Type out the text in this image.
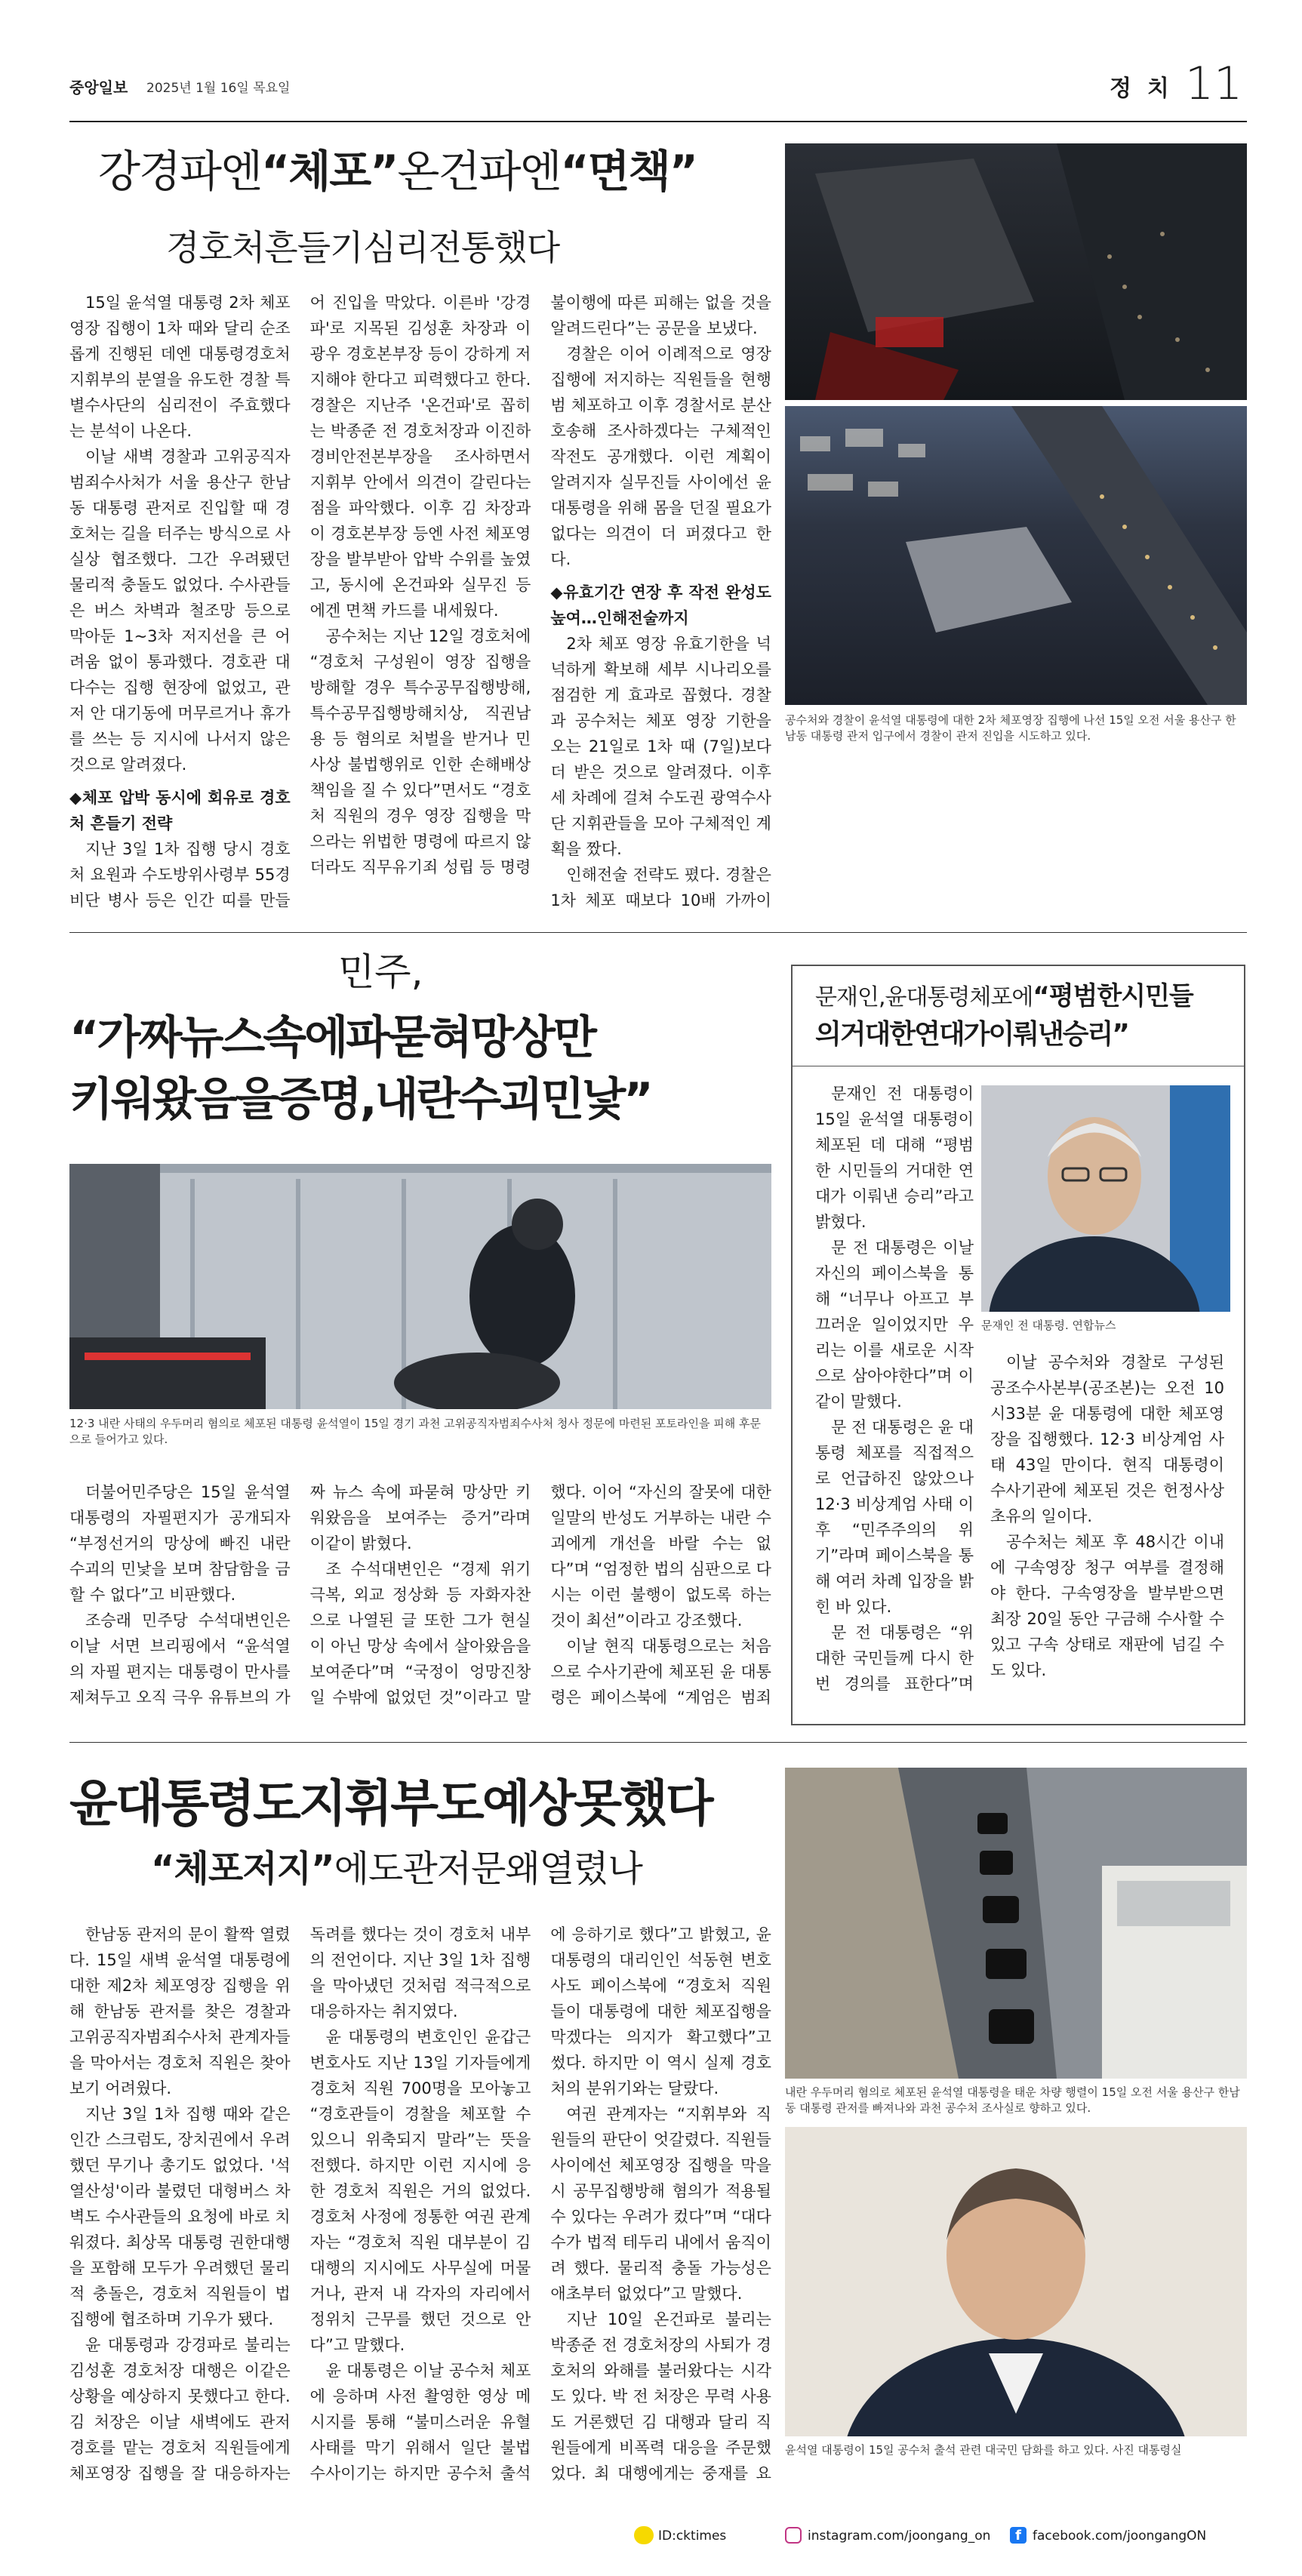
중앙일보 2025년 1월 16일 목요일	정  치 11
강경파엔“체포”온건파엔“면책”
경호처흔들기심리전통했다

15일 윤석열 대통령 2차 체포영장 집행이 1차 때와 달리 순조롭게 진행된 데엔 대통령경호처 지휘부의 분열을 유도한 경찰 특별수사단의 심리전이 주효했다는 분석이 나온다.

이날 새벽 경찰과 고위공직자범죄수사처가 서울 용산구 한남동 대통령 관저로 진입할 때 경호처는 길을 터주는 방식으로 사실상 협조했다. 그간 우려됐던 물리적 충돌도 없었다. 수사관들은 버스 차벽과 철조망 등으로 막아둔 1~3차 저지선을 큰 어려움 없이 통과했다. 경호관 대다수는 집행 현장에 없었고, 관저 안 대기동에 머무르거나 휴가를 쓰는 등 지시에 나서지 않은 것으로 알려졌다.

◆체포 압박 동시에 회유로 경호처 흔들기 전략

지난 3일 1차 집행 당시 경호처 요원과 수도방위사령부 55경비단 병사 등은 인간 띠를 만들어 진입을 막았다. 이른바 '강경파'로 지목된 김성훈 차장과 이광우 경호본부장 등이 강하게 저지해야 한다고 피력했다고 한다. 경찰은 지난주 '온건파'로 꼽히는 박종준 전 경호처장과 이진하 경비안전본부장을 조사하면서 지휘부 안에서 의견이 갈린다는 점을 파악했다. 이후 김 차장과 이 경호본부장 등엔 사전 체포영장을 발부받아 압박 수위를 높였고, 동시에 온건파와 실무진 등에겐 면책 카드를 내세웠다.

공수처는 지난 12일 경호처에 “경호처 구성원이 영장 집행을 방해할 경우 특수공무집행방해, 특수공무집행방해치상, 직권남용 등 혐의로 처벌을 받거나 민사상 불법행위로 인한 손해배상 책임을 질 수 있다”면서도 “경호처 직원의 경우 영장 집행을 막으라는 위법한 명령에 따르지 않더라도 직무유기죄 성립 등 명령 불이행에 따른 피해는 없을 것을 알려드린다”는 공문을 보냈다.

경찰은 이어 이례적으로 영장 집행에 저지하는 직원들을 현행범 체포하고 이후 경찰서로 분산 호송해 조사하겠다는 구체적인 작전도 공개했다. 이런 계획이 알려지자 실무진들 사이에선 윤 대통령을 위해 몸을 던질 필요가 없다는 의견이 더 퍼졌다고 한다.

◆유효기간 연장 후 작전 완성도 높여…인해전술까지

2차 체포 영장 유효기한을 넉넉하게 확보해 세부 시나리오를 점검한 게 효과로 꼽혔다. 경찰과 공수처는 체포 영장 기한을 오는 21일로 1차 때 (7일)보다 더 받은 것으로 알려졌다. 이후 세 차례에 걸쳐 수도권 광역수사단 지휘관들을 모아 구체적인 계획을 짰다.

인해전술 전략도 폈다. 경찰은 1차 체포 때보다 10배 가까이

공수처와 경찰이 윤석열 대통령에 대한 2차 체포영장 집행에 나선 15일 오전 서울 용산구 한남동 대통령 관저 입구에서 경찰이 관저 진입을 시도하고 있다.
민주,
“가짜뉴스속에파묻혀망상만
키워왔음을증명,내란수괴민낯”
12·3 내란 사태의 우두머리 혐의로 체포된 대통령 윤석열이 15일 경기 과천 고위공직자범죄수사처 청사 정문에 마련된 포토라인을 피해 후문으로 들어가고 있다.

더불어민주당은 15일 윤석열 대통령의 자필편지가 공개되자 “부정선거의 망상에 빠진 내란 수괴의 민낯을 보며 참담함을 금할 수 없다”고 비판했다.

조승래 민주당 수석대변인은 이날 서면 브리핑에서 “윤석열의 자필 편지는 대통령이 만사를 제쳐두고 오직 극우 유튜브의 가짜 뉴스 속에 파묻혀 망상만 키워왔음을 보여주는 증거”라며 이같이 밝혔다.

조 수석대변인은 “경제 위기 극복, 외교 정상화 등 자화자찬으로 나열된 글 또한 그가 현실이 아닌 망상 속에서 살아왔음을 보여준다”며 “국정이 엉망진창일 수밖에 없었던 것”이라고 말했다. 이어 “자신의 잘못에 대한 일말의 반성도 거부하는 내란 수괴에게 개선을 바랄 수는 없다”며 “엄정한 법의 심판으로 다시는 이런 불행이 없도록 하는 것이 최선”이라고 강조했다.

이날 현직 대통령으로는 처음으로 수사기관에 체포된 윤 대통령은 페이스북에 “계엄은 범죄

문재인,윤대통령체포에“평범한시민들
의거대한연대가이뤄낸승리”
문재인 전 대통령. 연합뉴스

문재인 전 대통령이 15일 윤석열 대통령이 체포된 데 대해 “평범한 시민들의 거대한 연대가 이뤄낸 승리”라고 밝혔다.

문 전 대통령은 이날 자신의 페이스북을 통해 “너무나 아프고 부끄러운 일이었지만 우리는 이를 새로운 시작으로 삼아야한다”며 이같이 말했다.

문 전 대통령은 윤 대통령 체포를 직접적으로 언급하진 않았으나 12·3 비상계엄 사태 이후 “민주주의의 위기”라며 페이스북을 통해 여러 차례 입장을 밝힌 바 있다.

문 전 대통령은 “위대한 국민들께 다시 한번 경의를 표한다”며

이날 공수처와 경찰로 구성된 공조수사본부(공조본)는 오전 10시33분 윤 대통령에 대한 체포영장을 집행했다. 12·3 비상계엄 사태 43일 만이다. 현직 대통령이 수사기관에 체포된 것은 헌정사상 초유의 일이다.

공수처는 체포 후 48시간 이내에 구속영장 청구 여부를 결정해야 한다. 구속영장을 발부받으면 최장 20일 동안 구금해 수사할 수 있고 구속 상태로 재판에 넘길 수도 있다.

윤대통령도지휘부도예상못했다
“체포저지”에도관저문왜열렸나

한남동 관저의 문이 활짝 열렸다. 15일 새벽 윤석열 대통령에 대한 제2차 체포영장 집행을 위해 한남동 관저를 찾은 경찰과 고위공직자범죄수사처 관계자들을 막아서는 경호처 직원은 찾아보기 어려웠다.

지난 3일 1차 집행 때와 같은 인간 스크럼도, 장치권에서 우려했던 무기나 총기도 없었다. '석열산성'이라 불렸던 대형버스 차벽도 수사관들의 요청에 바로 치워졌다. 최상목 대통령 권한대행을 포함해 모두가 우려했던 물리적 충돌은, 경호처 직원들이 법 집행에 협조하며 기우가 됐다.

윤 대통령과 강경파로 불리는 김성훈 경호처장 대행은 이같은 상황을 예상하지 못했다고 한다. 김 처장은 이날 새벽에도 관저 경호를 맡는 경호처 직원들에게 체포영장 집행을 잘 대응하자는 독려를 했다는 것이 경호처 내부의 전언이다. 지난 3일 1차 집행을 막아냈던 것처럼 적극적으로 대응하자는 취지였다.

윤 대통령의 변호인인 윤갑근 변호사도 지난 13일 기자들에게 경호처 직원 700명을 모아놓고 “경호관들이 경찰을 체포할 수 있으니 위축되지 말라”는 뜻을 전했다. 하지만 이런 지시에 응한 경호처 직원은 거의 없었다. 경호처 사정에 정통한 여권 관계자는 “경호처 직원 대부분이 김 대행의 지시에도 사무실에 머물거나, 관저 내 각자의 자리에서 정위치 근무를 했던 것으로 안다”고 말했다.

윤 대통령은 이날 공수처 체포에 응하며 사전 촬영한 영상 메시지를 통해 “불미스러운 유혈 사태를 막기 위해서 일단 불법 수사이기는 하지만 공수처 출석에 응하기로 했다”고 밝혔고, 윤 대통령의 대리인인 석동현 변호사도 페이스북에 “경호처 직원들이 대통령에 대한 체포집행을 막겠다는 의지가 확고했다”고 썼다. 하지만 이 역시 실제 경호처의 분위기와는 달랐다.

여권 관계자는 “지휘부와 직원들의 판단이 엇갈렸다. 직원들 사이에선 체포영장 집행을 막을 시 공무집행방해 혐의가 적용될 수 있다는 우려가 컸다”며 “대다수가 법적 테두리 내에서 움직이려 했다. 물리적 충돌 가능성은 애초부터 없었다”고 말했다.

지난 10일 온건파로 불리는 박종준 전 경호처장의 사퇴가 경호처의 와해를 불러왔다는 시각도 있다. 박 전 처장은 무력 사용도 거론했던 김 대행과 달리 직원들에게 비폭력 대응을 주문했었다. 최 대행에게는 중재를 요

내란 우두머리 혐의로 체포된 윤석열 대통령을 태운 차량 행렬이 15일 오전 서울 용산구 한남동 대통령 관저를 빠져나와 과천 공수처 조사실로 향하고 있다.
윤석열 대통령이 15일 공수처 출석 관련 대국민 담화를 하고 있다. 사진 대통령실
ID:cktimes	instagram.com/joongang_on	f facebook.com/joongangON
